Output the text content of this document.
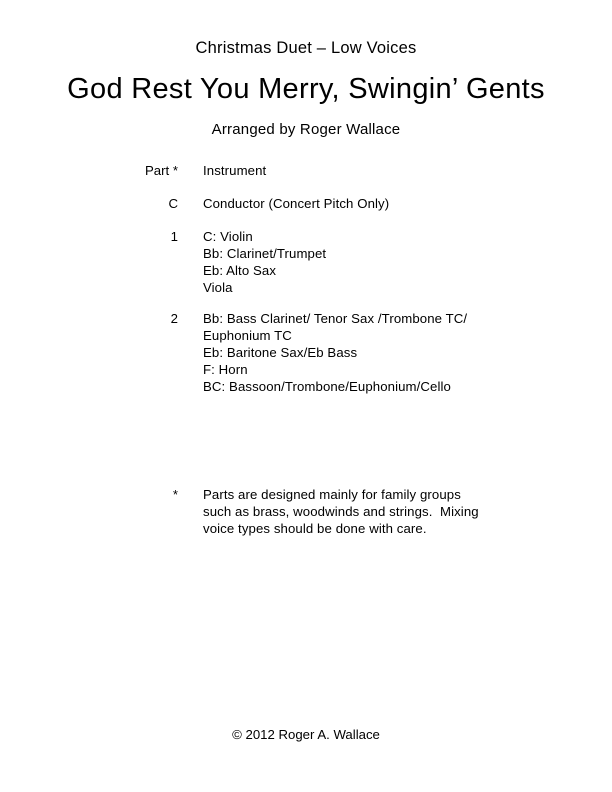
Christmas Duet – Low Voices
God Rest You Merry, Swingin’ Gents
Arranged by Roger Wallace
Part * Instrument
C Conductor (Concert Pitch Only)
1 C: Violin
Bb: Clarinet/Trumpet
Eb: Alto Sax
Viola
2 Bb: Bass Clarinet/ Tenor Sax /Trombone TC/
Euphonium TC
Eb: Baritone Sax/Eb Bass
F: Horn
BC: Bassoon/Trombone/Euphonium/Cello
* Parts are designed mainly for family groups
such as brass, woodwinds and strings.  Mixing
voice types should be done with care.
© 2012 Roger A. Wallace
